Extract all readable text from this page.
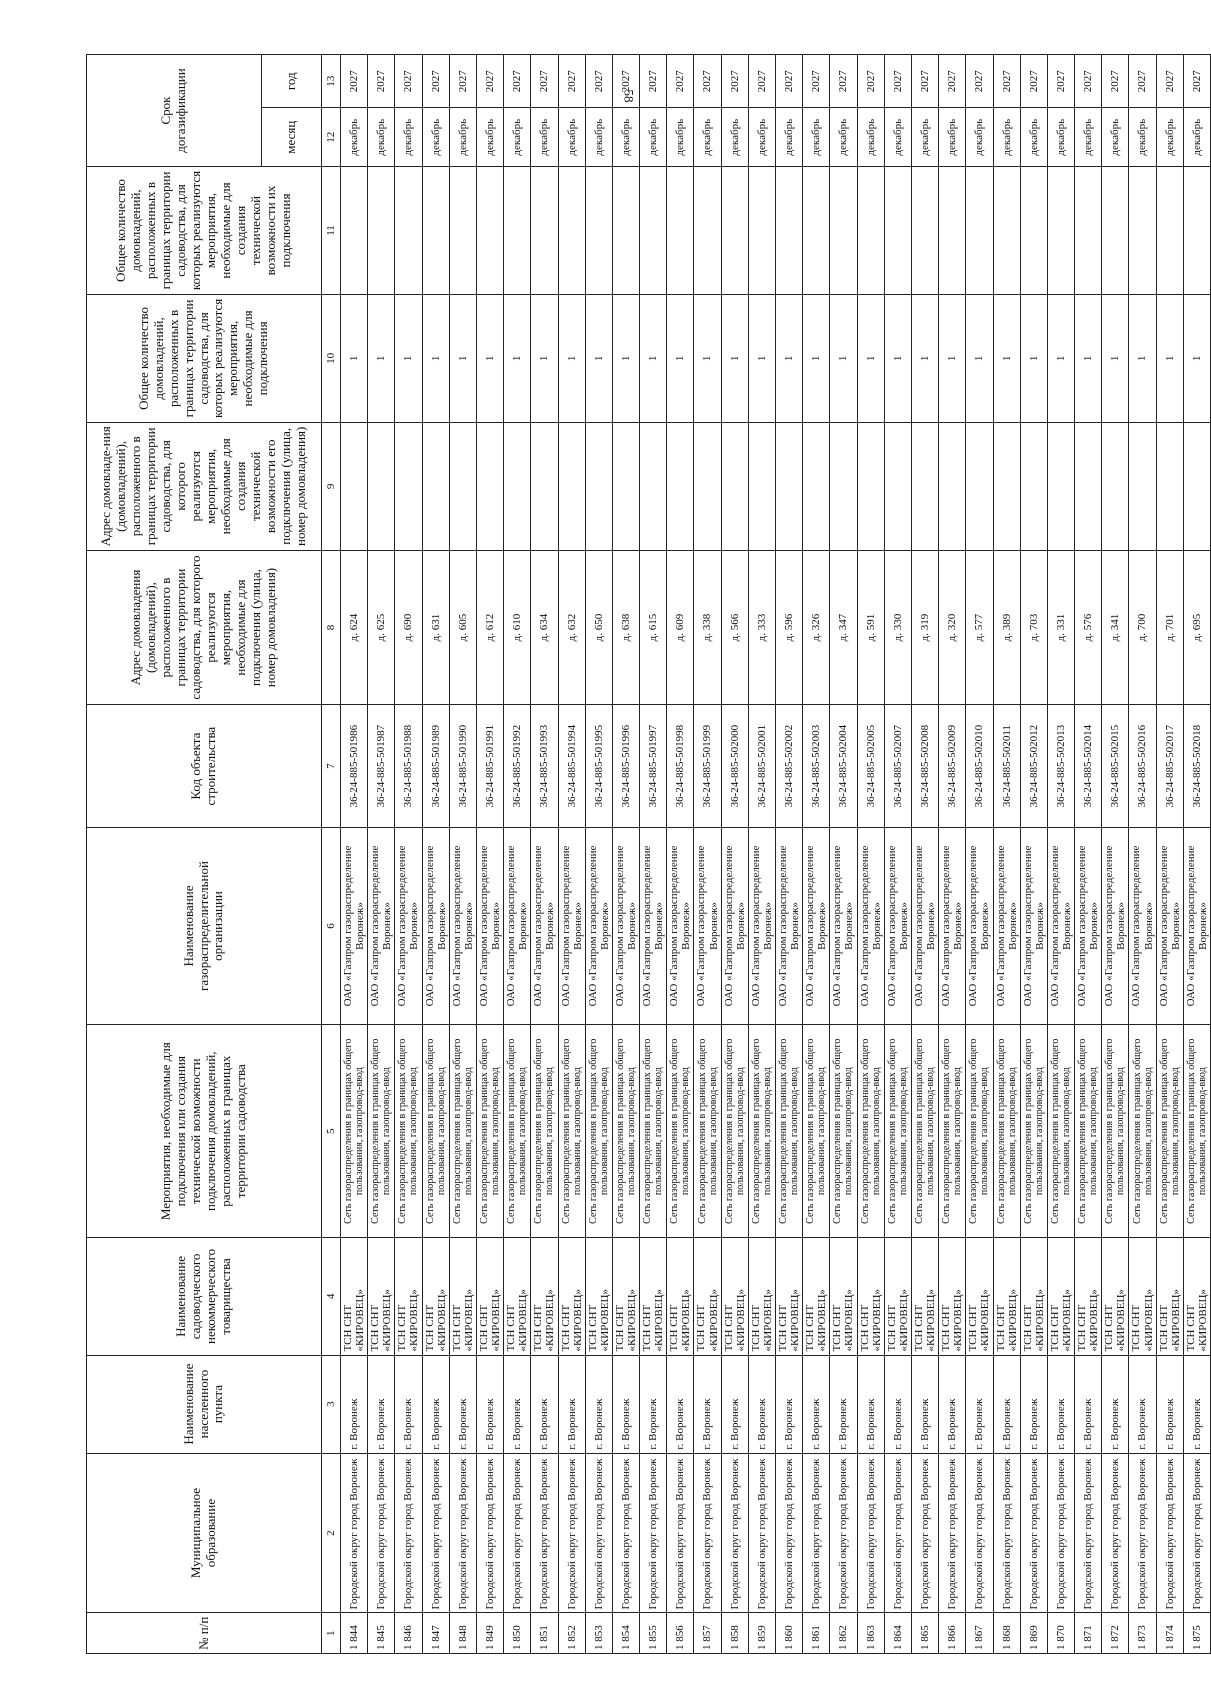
58
№ п/п	Муниципальное образование	Наименование населенного пункта	Наименование садоводческого некоммерческого товарищества	Мероприятия, необходимые для подключения или создания технической возможности подключения домовладений, расположенных в границах территории садоводства	Наименование газораспределительной организации	Код объекта строительства	Адрес домовладения (домовладений), расположенного в границах территории садоводства, для которого реализуются мероприятия, необходимые для подключения (улица, номер домовладения)	Адрес домовладе-ния (домовладений), расположенного в границах территории садоводства, для которого реализуются мероприятия, необходимые для создания технической возможности его подключения (улица, номер домовладения)	Общее количество домовладений, расположенных в границах территории садоводства, для которых реализуются мероприятия, необходимые для подключения	Общее количество домовладений, расположенных в границах территории садоводства, для которых реализуются мероприятия, необходимые для создания технической возможности их подключения	Срок догазификации	
											месяц	год
1	2	3	4	5	6	7	8	9	10	11	12	13
1 844	Городской округ город Воронеж	г. Воронеж	ТСН СНТ «КИРОВЕЦ»	Сеть газораспределения в границах общего пользования, газопровод-ввод	ОАО «Газпром газораспределение Воронеж»	36-24-885-501986	д. 624		1		декабрь	2027
1 845	Городской округ город Воронеж	г. Воронеж	ТСН СНТ «КИРОВЕЦ»	Сеть газораспределения в границах общего пользования, газопровод-ввод	ОАО «Газпром газораспределение Воронеж»	36-24-885-501987	д. 625		1		декабрь	2027
1 846	Городской округ город Воронеж	г. Воронеж	ТСН СНТ «КИРОВЕЦ»	Сеть газораспределения в границах общего пользования, газопровод-ввод	ОАО «Газпром газораспределение Воронеж»	36-24-885-501988	д. 690		1		декабрь	2027
1 847	Городской округ город Воронеж	г. Воронеж	ТСН СНТ «КИРОВЕЦ»	Сеть газораспределения в границах общего пользования, газопровод-ввод	ОАО «Газпром газораспределение Воронеж»	36-24-885-501989	д. 631		1		декабрь	2027
1 848	Городской округ город Воронеж	г. Воронеж	ТСН СНТ «КИРОВЕЦ»	Сеть газораспределения в границах общего пользования, газопровод-ввод	ОАО «Газпром газораспределение Воронеж»	36-24-885-501990	д. 605		1		декабрь	2027
1 849	Городской округ город Воронеж	г. Воронеж	ТСН СНТ «КИРОВЕЦ»	Сеть газораспределения в границах общего пользования, газопровод-ввод	ОАО «Газпром газораспределение Воронеж»	36-24-885-501991	д. 612		1		декабрь	2027
1 850	Городской округ город Воронеж	г. Воронеж	ТСН СНТ «КИРОВЕЦ»	Сеть газораспределения в границах общего пользования, газопровод-ввод	ОАО «Газпром газораспределение Воронеж»	36-24-885-501992	д. 610		1		декабрь	2027
1 851	Городской округ город Воронеж	г. Воронеж	ТСН СНТ «КИРОВЕЦ»	Сеть газораспределения в границах общего пользования, газопровод-ввод	ОАО «Газпром газораспределение Воронеж»	36-24-885-501993	д. 634		1		декабрь	2027
1 852	Городской округ город Воронеж	г. Воронеж	ТСН СНТ «КИРОВЕЦ»	Сеть газораспределения в границах общего пользования, газопровод-ввод	ОАО «Газпром газораспределение Воронеж»	36-24-885-501994	д. 632		1		декабрь	2027
1 853	Городской округ город Воронеж	г. Воронеж	ТСН СНТ «КИРОВЕЦ»	Сеть газораспределения в границах общего пользования, газопровод-ввод	ОАО «Газпром газораспределение Воронеж»	36-24-885-501995	д. 650		1		декабрь	2027
1 854	Городской округ город Воронеж	г. Воронеж	ТСН СНТ «КИРОВЕЦ»	Сеть газораспределения в границах общего пользования, газопровод-ввод	ОАО «Газпром газораспределение Воронеж»	36-24-885-501996	д. 638		1		декабрь	2027
1 855	Городской округ город Воронеж	г. Воронеж	ТСН СНТ «КИРОВЕЦ»	Сеть газораспределения в границах общего пользования, газопровод-ввод	ОАО «Газпром газораспределение Воронеж»	36-24-885-501997	д. 615		1		декабрь	2027
1 856	Городской округ город Воронеж	г. Воронеж	ТСН СНТ «КИРОВЕЦ»	Сеть газораспределения в границах общего пользования, газопровод-ввод	ОАО «Газпром газораспределение Воронеж»	36-24-885-501998	д. 609		1		декабрь	2027
1 857	Городской округ город Воронеж	г. Воронеж	ТСН СНТ «КИРОВЕЦ»	Сеть газораспределения в границах общего пользования, газопровод-ввод	ОАО «Газпром газораспределение Воронеж»	36-24-885-501999	д. 338		1		декабрь	2027
1 858	Городской округ город Воронеж	г. Воронеж	ТСН СНТ «КИРОВЕЦ»	Сеть газораспределения в границах общего пользования, газопровод-ввод	ОАО «Газпром газораспределение Воронеж»	36-24-885-502000	д. 566		1		декабрь	2027
1 859	Городской округ город Воронеж	г. Воронеж	ТСН СНТ «КИРОВЕЦ»	Сеть газораспределения в границах общего пользования, газопровод-ввод	ОАО «Газпром газораспределение Воронеж»	36-24-885-502001	д. 333		1		декабрь	2027
1 860	Городской округ город Воронеж	г. Воронеж	ТСН СНТ «КИРОВЕЦ»	Сеть газораспределения в границах общего пользования, газопровод-ввод	ОАО «Газпром газораспределение Воронеж»	36-24-885-502002	д. 596		1		декабрь	2027
1 861	Городской округ город Воронеж	г. Воронеж	ТСН СНТ «КИРОВЕЦ»	Сеть газораспределения в границах общего пользования, газопровод-ввод	ОАО «Газпром газораспределение Воронеж»	36-24-885-502003	д. 326		1		декабрь	2027
1 862	Городской округ город Воронеж	г. Воронеж	ТСН СНТ «КИРОВЕЦ»	Сеть газораспределения в границах общего пользования, газопровод-ввод	ОАО «Газпром газораспределение Воронеж»	36-24-885-502004	д. 347		1		декабрь	2027
1 863	Городской округ город Воронеж	г. Воронеж	ТСН СНТ «КИРОВЕЦ»	Сеть газораспределения в границах общего пользования, газопровод-ввод	ОАО «Газпром газораспределение Воронеж»	36-24-885-502005	д. 591		1		декабрь	2027
1 864	Городской округ город Воронеж	г. Воронеж	ТСН СНТ «КИРОВЕЦ»	Сеть газораспределения в границах общего пользования, газопровод-ввод	ОАО «Газпром газораспределение Воронеж»	36-24-885-502007	д. 330		1		декабрь	2027
1 865	Городской округ город Воронеж	г. Воронеж	ТСН СНТ «КИРОВЕЦ»	Сеть газораспределения в границах общего пользования, газопровод-ввод	ОАО «Газпром газораспределение Воронеж»	36-24-885-502008	д. 319		1		декабрь	2027
1 866	Городской округ город Воронеж	г. Воронеж	ТСН СНТ «КИРОВЕЦ»	Сеть газораспределения в границах общего пользования, газопровод-ввод	ОАО «Газпром газораспределение Воронеж»	36-24-885-502009	д. 320		1		декабрь	2027
1 867	Городской округ город Воронеж	г. Воронеж	ТСН СНТ «КИРОВЕЦ»	Сеть газораспределения в границах общего пользования, газопровод-ввод	ОАО «Газпром газораспределение Воронеж»	36-24-885-502010	д. 577		1		декабрь	2027
1 868	Городской округ город Воронеж	г. Воронеж	ТСН СНТ «КИРОВЕЦ»	Сеть газораспределения в границах общего пользования, газопровод-ввод	ОАО «Газпром газораспределение Воронеж»	36-24-885-502011	д. 389		1		декабрь	2027
1 869	Городской округ город Воронеж	г. Воронеж	ТСН СНТ «КИРОВЕЦ»	Сеть газораспределения в границах общего пользования, газопровод-ввод	ОАО «Газпром газораспределение Воронеж»	36-24-885-502012	д. 703		1		декабрь	2027
1 870	Городской округ город Воронеж	г. Воронеж	ТСН СНТ «КИРОВЕЦ»	Сеть газораспределения в границах общего пользования, газопровод-ввод	ОАО «Газпром газораспределение Воронеж»	36-24-885-502013	д. 331		1		декабрь	2027
1 871	Городской округ город Воронеж	г. Воронеж	ТСН СНТ «КИРОВЕЦ»	Сеть газораспределения в границах общего пользования, газопровод-ввод	ОАО «Газпром газораспределение Воронеж»	36-24-885-502014	д. 576		1		декабрь	2027
1 872	Городской округ город Воронеж	г. Воронеж	ТСН СНТ «КИРОВЕЦ»	Сеть газораспределения в границах общего пользования, газопровод-ввод	ОАО «Газпром газораспределение Воронеж»	36-24-885-502015	д. 341		1		декабрь	2027
1 873	Городской округ город Воронеж	г. Воронеж	ТСН СНТ «КИРОВЕЦ»	Сеть газораспределения в границах общего пользования, газопровод-ввод	ОАО «Газпром газораспределение Воронеж»	36-24-885-502016	д. 700		1		декабрь	2027
1 874	Городской округ город Воронеж	г. Воронеж	ТСН СНТ «КИРОВЕЦ»	Сеть газораспределения в границах общего пользования, газопровод-ввод	ОАО «Газпром газораспределение Воронеж»	36-24-885-502017	д. 701		1		декабрь	2027
1 875	Городской округ город Воронеж	г. Воронеж	ТСН СНТ «КИРОВЕЦ»	Сеть газораспределения в границах общего пользования, газопровод-ввод	ОАО «Газпром газораспределение Воронеж»	36-24-885-502018	д. 695		1		декабрь	2027
